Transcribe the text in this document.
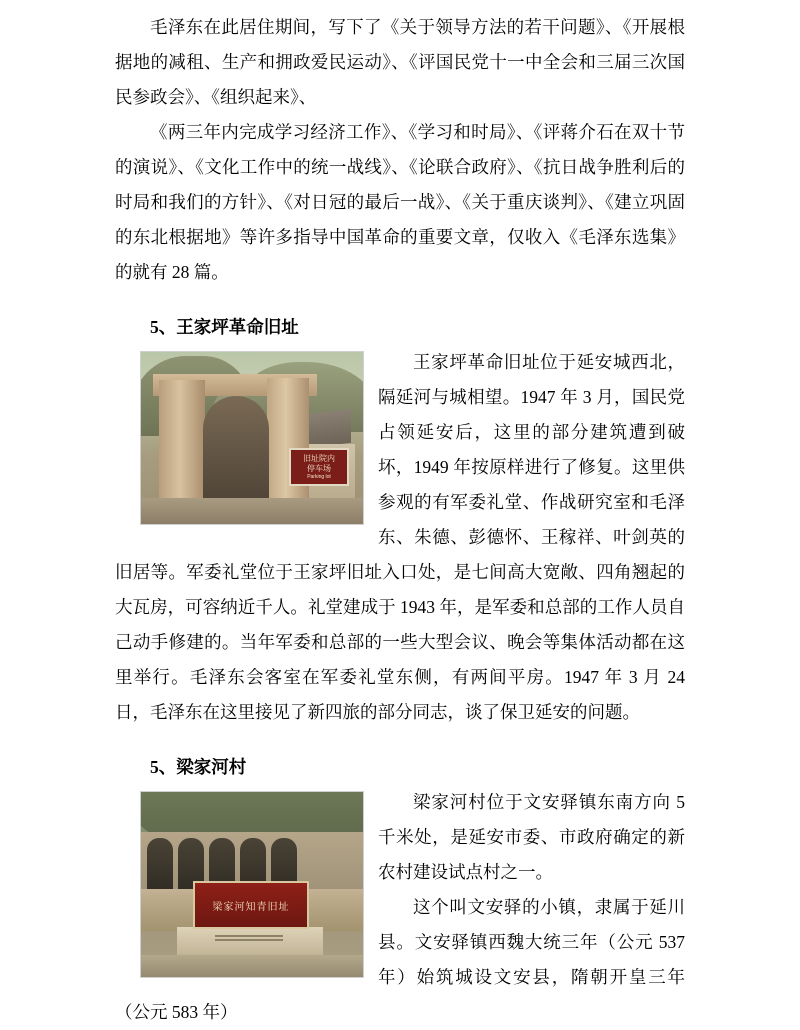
毛泽东在此居住期间，写下了《关于领导方法的若干问题》、《开展根据地的减租、生产和拥政爱民运动》、《评国民党十一中全会和三届三次国民参政会》、《组织起来》、

《两三年内完成学习经济工作》、《学习和时局》、《评蒋介石在双十节的演说》、《文化工作中的统一战线》、《论联合政府》、《抗日战争胜利后的时局和我们的方针》、《对日冠的最后一战》、《关于重庆谈判》、《建立巩固的东北根据地》等许多指导中国革命的重要文章，仅收入《毛泽东选集》的就有 28 篇。

5、王家坪革命旧址
旧址院内
停车场
Parking lot
王家坪革命旧址位于延安城西北，隔延河与城相望。1947 年 3 月，国民党占领延安后，这里的部分建筑遭到破坏，1949 年按原样进行了修复。这里供参观的有军委礼堂、作战研究室和毛泽东、朱德、彭德怀、王稼祥、叶剑英的旧居等。军委礼堂位于王家坪旧址入口处，是七间高大宽敞、四角翘起的大瓦房，可容纳近千人。礼堂建成于 1943 年，是军委和总部的工作人员自己动手修建的。当年军委和总部的一些大型会议、晚会等集体活动都在这里举行。毛泽东会客室在军委礼堂东侧，有两间平房。1947 年 3 月 24 日，毛泽东在这里接见了新四旅的部分同志，谈了保卫延安的问题。
5、梁家河村
梁家河知青旧址
梁家河村位于文安驿镇东南方向 5 千米处，是延安市委、市政府确定的新农村建设试点村之一。
这个叫文安驿的小镇，隶属于延川县。文安驿镇西魏大统三年（公元 537 年）始筑城设文安县，隋朝开皇三年（公元 583 年）
